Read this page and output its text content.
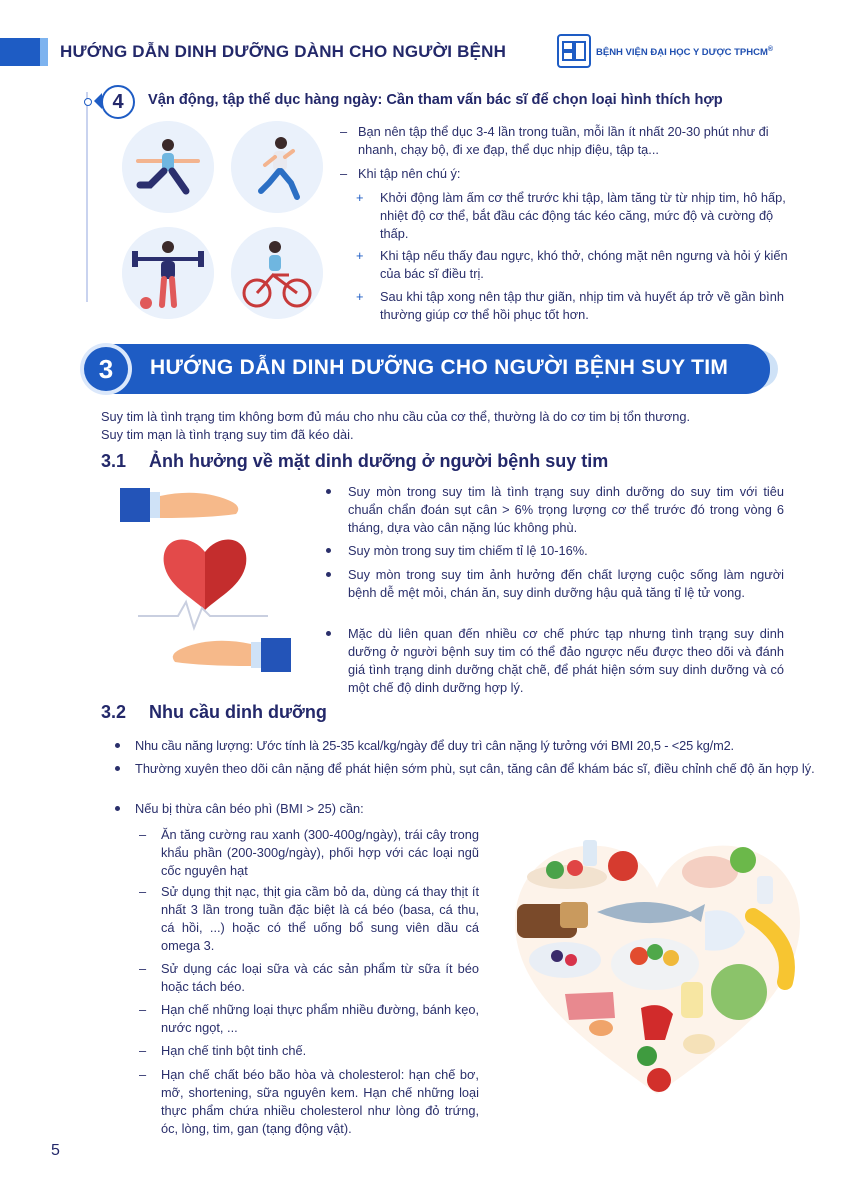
HƯỚNG DẪN DINH DƯỠNG DÀNH CHO NGƯỜI BỆNH	BỆNH VIỆN ĐẠI HỌC Y DƯỢC TPHCM®
4	Vận động, tập thể dục hàng ngày: Cần tham vấn bác sĩ để chọn loại hình thích hợp
– Bạn nên tập thể dục 3-4 lần trong tuần, mỗi lần ít nhất 20-30 phút như đi nhanh, chạy bộ, đi xe đạp, thể dục nhịp điệu, tập tạ...
– Khi tập nên chú ý:
+ Khởi động làm ấm cơ thể trước khi tập, làm tăng từ từ nhịp tim, hô hấp, nhiệt độ cơ thể, bắt đầu các động tác kéo căng, mức độ và cường độ thấp.
+ Khi tập nếu thấy đau ngực, khó thở, chóng mặt nên ngưng và hỏi ý kiến của bác sĩ điều trị.
+ Sau khi tập xong nên tập thư giãn, nhịp tim và huyết áp trở về gần bình thường giúp cơ thể hồi phục tốt hơn.
3	HƯỚNG DẪN DINH DƯỠNG CHO NGƯỜI BỆNH SUY TIM
Suy tim là tình trạng tim không bơm đủ máu cho nhu cầu của cơ thể, thường là do cơ tim bị tổn thương.
Suy tim mạn là tình trạng suy tim đã kéo dài.
3.1 Ảnh hưởng về mặt dinh dưỡng ở người bệnh suy tim
Suy mòn trong suy tim là tình trạng suy dinh dưỡng do suy tim với tiêu chuẩn chẩn đoán sụt cân > 6% trọng lượng cơ thể trước đó trong vòng 6 tháng, dựa vào cân nặng lúc không phù.
Suy mòn trong suy tim chiếm tỉ lệ 10-16%.
Suy mòn trong suy tim ảnh hưởng đến chất lượng cuộc sống làm người bệnh dễ mệt mỏi, chán ăn, suy dinh dưỡng hậu quả tăng tỉ lệ tử vong.
Mặc dù liên quan đến nhiều cơ chế phức tạp nhưng tình trạng suy dinh dưỡng ở người bệnh suy tim có thể đảo ngược nếu được theo dõi và đánh giá tình trạng dinh dưỡng chặt chẽ, để phát hiện sớm suy dinh dưỡng và có một chế độ dinh dưỡng hợp lý.
3.2 Nhu cầu dinh dưỡng
Nhu cầu năng lượng: Ước tính là 25-35 kcal/kg/ngày để duy trì cân nặng lý tưởng với BMI 20,5 - <25 kg/m2.
Thường xuyên theo dõi cân nặng để phát hiện sớm phù, sụt cân, tăng cân để khám bác sĩ, điều chỉnh chế độ ăn hợp lý.
Nếu bị thừa cân béo phì (BMI > 25) cần:
– Ăn tăng cường rau xanh (300-400g/ngày), trái cây trong khẩu phần (200-300g/ngày), phối hợp với các loại ngũ cốc nguyên hạt
– Sử dụng thịt nạc, thịt gia cầm bỏ da, dùng cá thay thịt ít nhất 3 lần trong tuần đặc biệt là cá béo (basa, cá thu, cá hồi, ...) hoặc có thể uống bổ sung viên dầu cá omega 3.
– Sử dụng các loại sữa và các sản phẩm từ sữa ít béo hoặc tách béo.
– Hạn chế những loại thực phẩm nhiều đường, bánh kẹo, nước ngọt, ...
– Hạn chế tinh bột tinh chế.
– Hạn chế chất béo bão hòa và cholesterol: hạn chế bơ, mỡ, shortening, sữa nguyên kem. Hạn chế những loại thực phẩm chứa nhiều cholesterol như lòng đỏ trứng, óc, lòng, tim, gan (tạng động vật).
5
